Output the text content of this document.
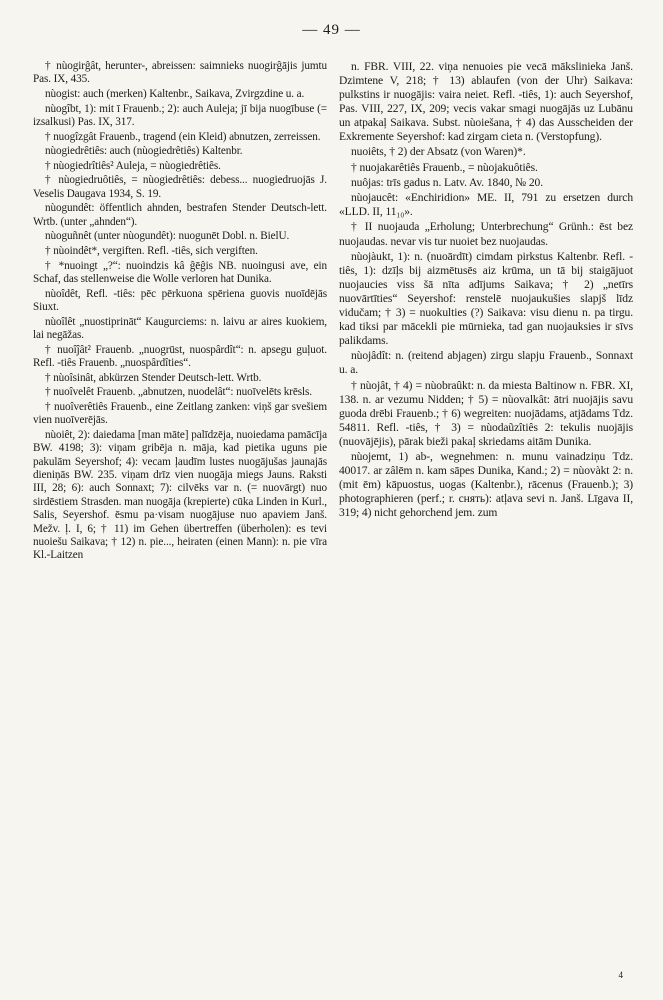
— 49 —

† nùogirĝât, herunter-, abreissen: saimnieks nuogirĝājis jumtu Pas. IX, 435.

nùogist: auch (merken) Kaltenbr., Saikava, Zvirgzdine u. a.

nùogîbt, 1): mit ī Frauenb.; 2): auch Auleja; jī bija nuogībuse (= izsalkusi) Pas. IX, 317.

† nuogîzgât Frauenb., tragend (ein Kleid) abnutzen, zerreissen.

nùogiedrêtiês: auch (nùogiedrêtiês) Kaltenbr.

† nùogiedrîtiês² Auleja, = nùogiedrêtiês.

† nùogiedruôtiês, = nùogiedrêtiês: debess... nuogiedruojās J. Veselis Daugava 1934, S. 19.

nùogundêt: öffentlich ahnden, bestrafen Stender Deutsch-lett. Wrtb. (unter „ahnden“).

nùoguñnêt (unter nùogundêt): nuogunēt Dobl. n. BielU.

† nùoindêt*, vergiften. Refl. -tiês, sich vergiften.

† *nuoingt „?“: nuoindzis kâ ĝēĝis NB. nuoingusi ave, ein Schaf, das stellenweise die Wolle verloren hat Dunika.

nùoîdêt, Refl. -tiês: pēc pērkuona spēriena guovis nuoīdējās Siuxt.

nùoîlêt „nuostiprināt“ Kaugurciems: n. laivu ar aires kuokiem, lai negāžas.

† nuoîĵât² Frauenb. „nuogrūst, nuospârdît“: n. apsegu guļuot. Refl. -tiês Frauenb. „nuospârdîties“.

† nùoîsinât, abkürzen Stender Deutsch-lett. Wrtb.

† nuoîvelêt Frauenb. „abnutzen, nuodelât“: nuoīvelēts krēsls.

† nuoîverêtiês Frauenb., eine Zeitlang zanken: viņš gar svešiem vien nuoīverējās.

nùoiêt, 2): daiedama [man māte] palīdzēja, nuoiedama pamācīja BW. 4198; 3): viņam gribēja n. māja, kad pietika uguns pie pakulām Seyershof; 4): vecam ļaudīm lustes nuogājušas jaunajās dieniņās BW. 235. viņam drīz vien nuogāja miegs Jauns. Raksti III, 28; 6): auch Sonnaxt; 7): cilvēks var n. (= nuovārgt) nuo sirdēstiem Strasden. man nuogāja (krepierte) cūka Linden in Kurl., Salis, Seyershof. ēsmu pa·visam nuogājuse nuo apaviem Janš. Mežv. ļ. I, 6; † 11) im Gehen übertreffen (überholen): es tevi nuoiešu Saikava; † 12) n. pie..., heiraten (einen Mann): n. pie vīra Kl.-Laitzen

n. FBR. VIII, 22. viņa nenuoies pie vecā mākslinieka Janš. Dzimtene V, 218; † 13) ablaufen (von der Uhr) Saikava: pulkstins ir nuogājis: vaira neiet. Refl. -tiês, 1): auch Seyershof, Pas. VIII, 227, IX, 209; vecis vakar smagi nuogājās uz Lubānu un atpakaļ Saikava. Subst. nùoiešana, † 4) das Ausscheiden der Exkremente Seyershof: kad zirgam cieta n. (Verstopfung).

nuoiêts, † 2) der Absatz (von Waren)*.

† nuojakarêtiês Frauenb., = nùojakuôtiês.

nuôjas: trīs gadus n. Latv. Av. 1840, № 20.

nùojaucêt: «Enchiridion» ME. II, 791 zu ersetzen durch «LLD. II, 11₁₀».

† II nuojauda „Erholung; Unterbrechung“ Grünh.: ēst bez nuojaudas. nevar vis tur nuoiet bez nuojaudas.

nùojàukt, 1): n. (nuoārdīt) cimdam pirkstus Kaltenbr. Refl. -tiês, 1): dzīļs bij aizmētusēs aiz krūma, un tā bij staigājuot nuojaucies viss šā nīta adījums Saikava; † 2) „netīrs nuovārtīties“ Seyershof: renstelē nuojaukušies slapjš līdz vidučam; † 3) = nuokulties (?) Saikava: visu dienu n. pa tirgu. kad tiksi par mācekli pie mūrnieka, tad gan nuojauksies ir sīvs palikdams.

nùojâdît: n. (reitend abjagen) zirgu slapju Frauenb., Sonnaxt u. a.

† nùojât, † 4) = nùobraûkt: n. da miesta Baltinow n. FBR. XI, 138. n. ar vezumu Nidden; † 5) = nùovalkât: ātri nuojājis savu guoda drēbi Frauenb.; † 6) wegreiten: nuojādams, atjādams Tdz. 54811. Refl. -tiês, † 3) = nùodaũzîtiês 2: tekulis nuojājis (nuovājējis), pārak bieži pakaļ skriedams aitām Dunika.

nùojemt, 1) ab-, wegnehmen: n. munu vainadziņu Tdz. 40017. ar zâlēm n. kam sāpes Dunika, Kand.; 2) = nùovàkt 2: n. (mit ēm) kāpuostus, uogas (Kaltenbr.), rācenus (Frauenb.); 3) photographieren (perf.; r. снять): atļava sevi n. Janš. Līgava II, 319; 4) nicht gehorchend jem. zum

4
